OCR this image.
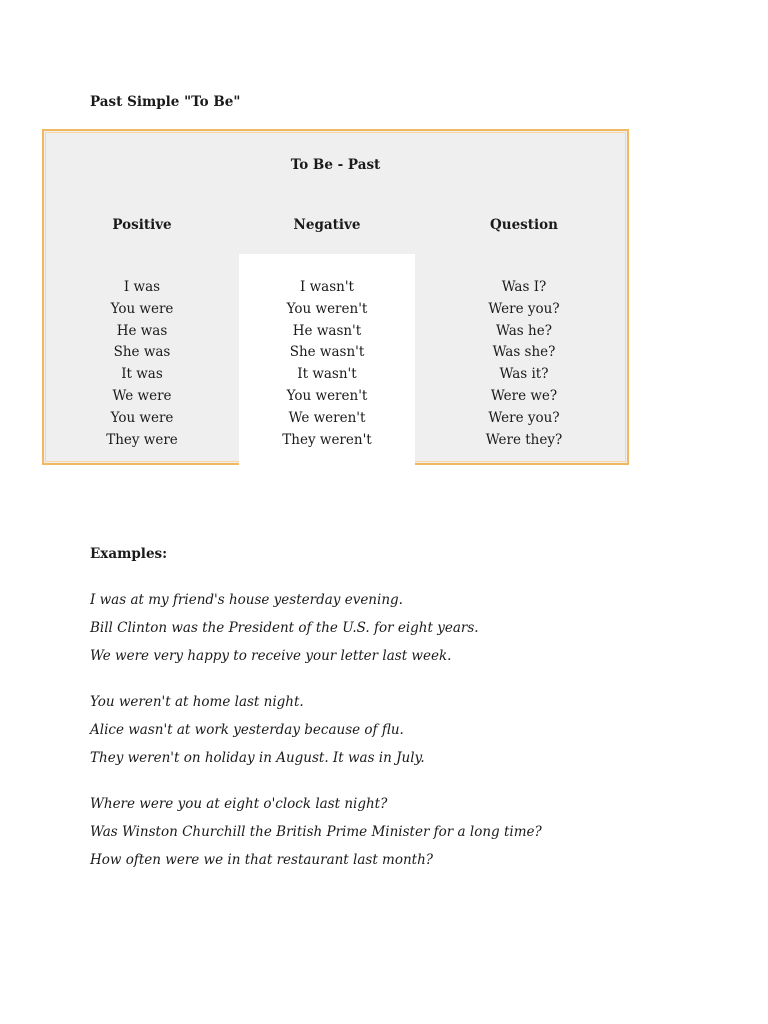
Past Simple "To Be"
To Be - Past
Positive	Negative	Question
I was
You were
He was
She was
It was
We were
You were
They were
I wasn't
You weren't
He wasn't
She wasn't
It wasn't
You weren't
We weren't
They weren't
Was I?
Were you?
Was he?
Was she?
Was it?
Were we?
Were you?
Were they?
Examples:
I was at my friend's house yesterday evening.
Bill Clinton was the President of the U.S. for eight years.
We were very happy to receive your letter last week.
You weren't at home last night.
Alice wasn't at work yesterday because of flu.
They weren't on holiday in August. It was in July.
Where were you at eight o'clock last night?
Was Winston Churchill the British Prime Minister for a long time?
How often were we in that restaurant last month?
